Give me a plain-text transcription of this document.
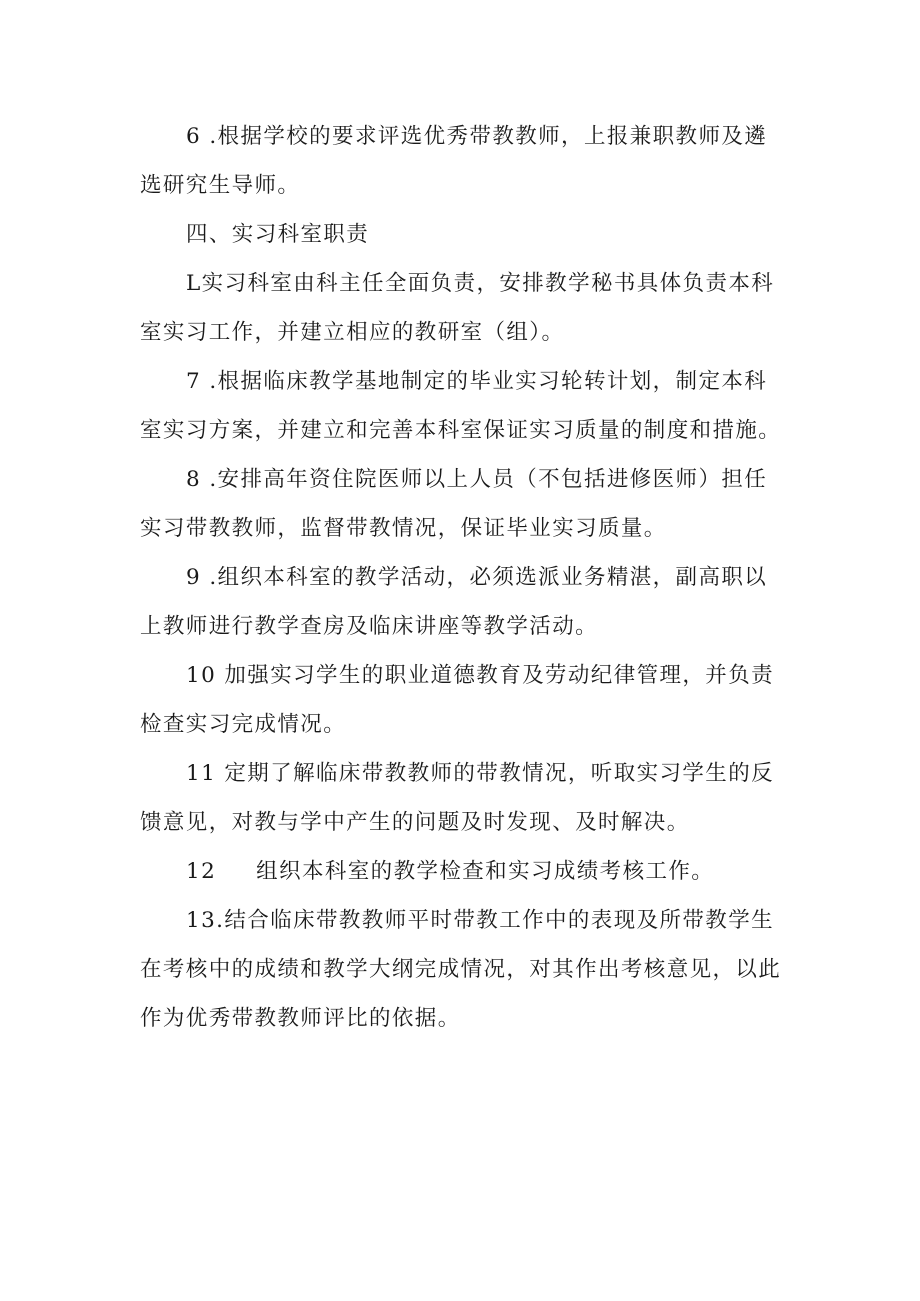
6 .根据学校的要求评选优秀带教教师，上报兼职教师及遴
选研究生导师。
四、实习科室职责
L实习科室由科主任全面负责，安排教学秘书具体负责本科
室实习工作，并建立相应的教研室（组）。
7 .根据临床教学基地制定的毕业实习轮转计划，制定本科
室实习方案，并建立和完善本科室保证实习质量的制度和措施。
8 .安排高年资住院医师以上人员（不包括进修医师）担任
实习带教教师，监督带教情况，保证毕业实习质量。
9 .组织本科室的教学活动，必须选派业务精湛，副高职以
上教师进行教学查房及临床讲座等教学活动。
10 加强实习学生的职业道德教育及劳动纪律管理，并负责
检查实习完成情况。
11 定期了解临床带教教师的带教情况，听取实习学生的反
馈意见，对教与学中产生的问题及时发现、及时解决。
12 组织本科室的教学检查和实习成绩考核工作。
13.结合临床带教教师平时带教工作中的表现及所带教学生
在考核中的成绩和教学大纲完成情况，对其作出考核意见，以此
作为优秀带教教师评比的依据。
